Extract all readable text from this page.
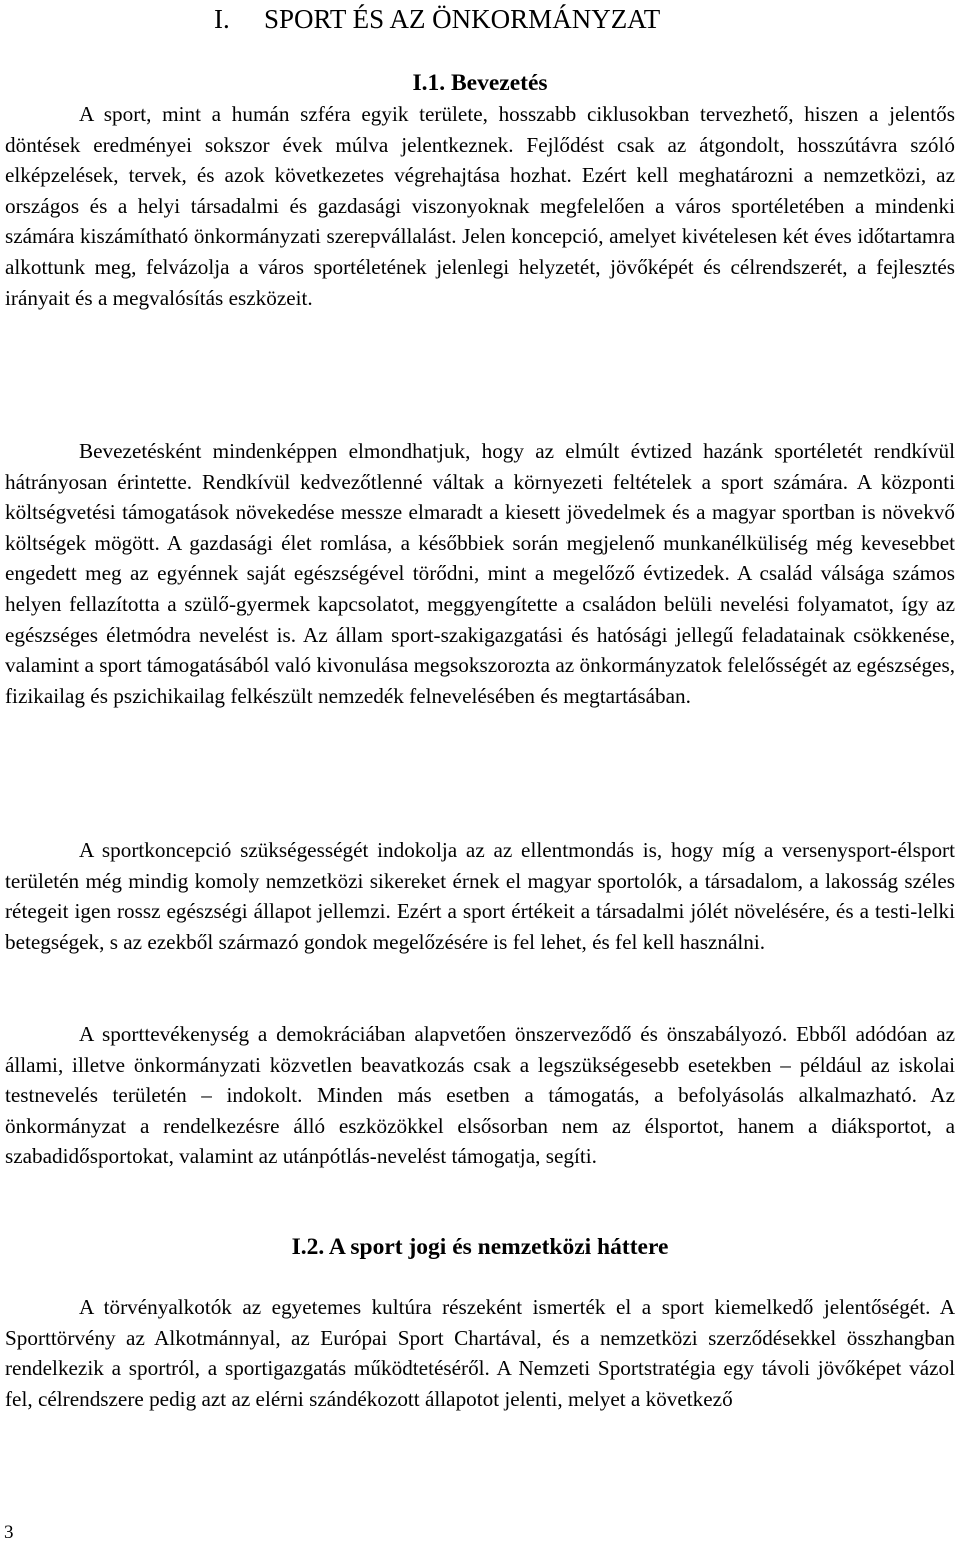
I. SPORT ÉS AZ ÖNKORMÁNYZAT
I.1. Bevezetés

A sport, mint a humán szféra egyik területe, hosszabb ciklusokban tervezhető, hiszen a jelentős döntések eredményei sokszor évek múlva jelentkeznek. Fejlődést csak az átgondolt, hosszútávra szóló elképzelések, tervek, és azok következetes végrehajtása hozhat. Ezért kell meghatározni a nemzetközi, az országos és a helyi társadalmi és gazdasági viszonyoknak megfelelően a város sportéletében a mindenki számára kiszámítható önkormányzati szerepvállalást. Jelen koncepció, amelyet kivételesen két éves időtartamra alkottunk meg, felvázolja a város sportéletének jelenlegi helyzetét, jövőképét és célrendszerét, a fejlesztés irányait és a megvalósítás eszközeit.

Bevezetésként mindenképpen elmondhatjuk, hogy az elmúlt évtized hazánk sportéletét rendkívül hátrányosan érintette. Rendkívül kedvezőtlenné váltak a környezeti feltételek a sport számára. A központi költségvetési támogatások növekedése messze elmaradt a kiesett jövedelmek és a magyar sportban is növekvő költségek mögött. A gazdasági élet romlása, a későbbiek során megjelenő munkanélküliség még kevesebbet engedett meg az egyénnek saját egészségével törődni, mint a megelőző évtizedek. A család válsága számos helyen fellazította a szülő-gyermek kapcsolatot, meggyengítette a családon belüli nevelési folyamatot, így az egészséges életmódra nevelést is. Az állam sport-szakigazgatási és hatósági jellegű feladatainak csökkenése, valamint a sport támogatásából való kivonulása megsokszorozta az önkormányzatok felelősségét az egészséges, fizikailag és pszichikailag felkészült nemzedék felnevelésében és megtartásában.

A sportkoncepció szükségességét indokolja az az ellentmondás is, hogy míg a versenysport-élsport területén még mindig komoly nemzetközi sikereket érnek el magyar sportolók, a társadalom, a lakosság széles rétegeit igen rossz egészségi állapot jellemzi. Ezért a sport értékeit a társadalmi jólét növelésére, és a testi-lelki betegségek, s az ezekből származó gondok megelőzésére is fel lehet, és fel kell használni.

A sporttevékenység a demokráciában alapvetően önszerveződő és önszabályozó. Ebből adódóan az állami, illetve önkormányzati közvetlen beavatkozás csak a legszükségesebb esetekben – például az iskolai testnevelés területén – indokolt. Minden más esetben a támogatás, a befolyásolás alkalmazható. Az önkormányzat a rendelkezésre álló eszközökkel elsősorban nem az élsportot, hanem a diáksportot, a szabadidősportokat, valamint az utánpótlás-nevelést támogatja, segíti.

I.2. A sport jogi és nemzetközi háttere

A törvényalkotók az egyetemes kultúra részeként ismerték el a sport kiemelkedő jelentőségét. A Sporttörvény az Alkotmánnyal, az Európai Sport Chartával, és a nemzetközi szerződésekkel összhangban rendelkezik a sportról, a sportigazgatás működtetéséről. A Nemzeti Sportstratégia egy távoli jövőképet vázol fel, célrendszere pedig azt az elérni szándékozott állapotot jelenti, melyet a következő

3
